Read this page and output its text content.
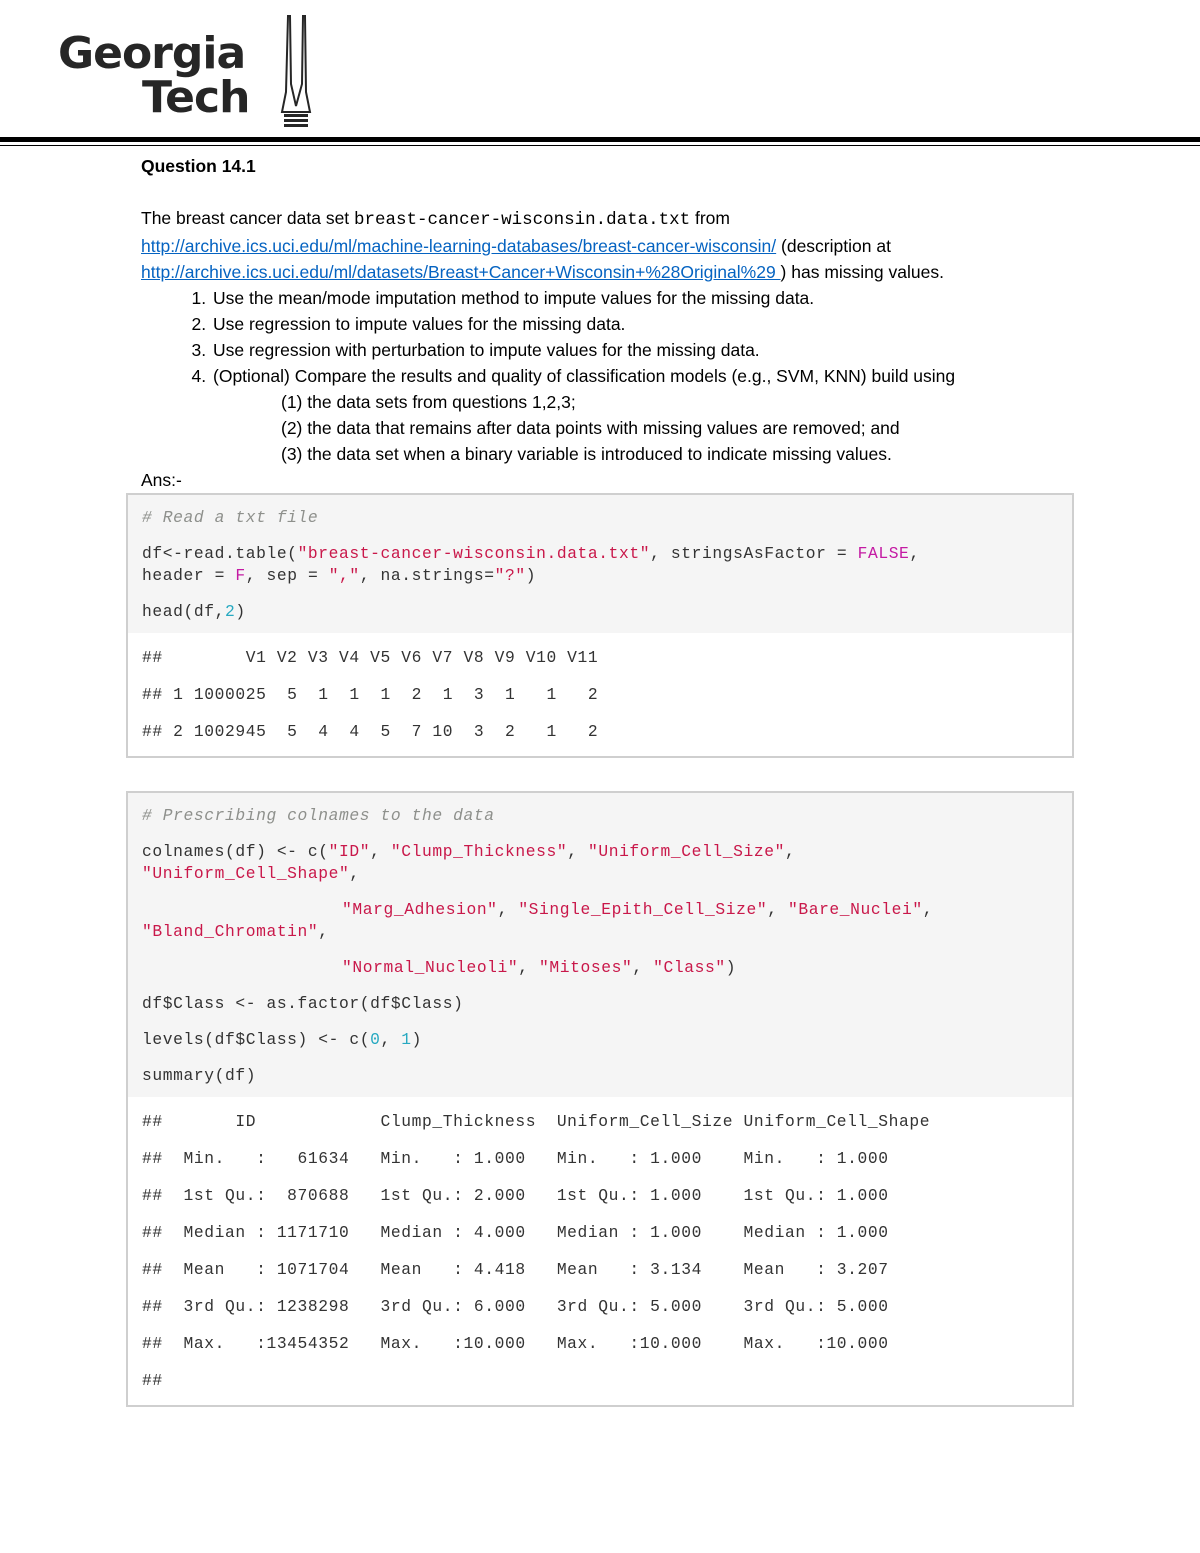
Georgia
Tech

Question 14.1

The breast cancer data set breast-cancer-wisconsin.data.txt from

http://archive.ics.uci.edu/ml/machine-learning-databases/breast-cancer-wisconsin/ (description at
http://archive.ics.uci.edu/ml/datasets/Breast+Cancer+Wisconsin+%28Original%29 ) has missing values.

1. Use the mean/mode imputation method to impute values for the missing data.
2. Use regression to impute values for the missing data.
3. Use regression with perturbation to impute values for the missing data.
4. (Optional) Compare the results and quality of classification models (e.g., SVM, KNN) build using

(1) the data sets from questions 1,2,3;

(2) the data that remains after data points with missing values are removed; and

(3) the data set when a binary variable is introduced to indicate missing values.

Ans:-

# Read a txt file
df<-read.table("breast-cancer-wisconsin.data.txt", stringsAsFactor = FALSE,
header = F, sep = ",", na.strings="?")
head(df,2)
##        V1 V2 V3 V4 V5 V6 V7 V8 V9 V10 V11
## 1 1000025  5  1  1  1  2  1  3  1   1   2
## 2 1002945  5  4  4  5  7 10  3  2   1   2
# Prescribing colnames to the data
colnames(df) <- c("ID", "Clump_Thickness", "Uniform_Cell_Size",
"Uniform_Cell_Shape",
"Marg_Adhesion", "Single_Epith_Cell_Size", "Bare_Nuclei",
"Bland_Chromatin",
"Normal_Nucleoli", "Mitoses", "Class")
df$Class <- as.factor(df$Class)
levels(df$Class) <- c(0, 1)
summary(df)
##       ID            Clump_Thickness  Uniform_Cell_Size Uniform_Cell_Shape
##  Min.   :   61634   Min.   : 1.000   Min.   : 1.000    Min.   : 1.000
##  1st Qu.:  870688   1st Qu.: 2.000   1st Qu.: 1.000    1st Qu.: 1.000
##  Median : 1171710   Median : 4.000   Median : 1.000    Median : 1.000
##  Mean   : 1071704   Mean   : 4.418   Mean   : 3.134    Mean   : 3.207
##  3rd Qu.: 1238298   3rd Qu.: 6.000   3rd Qu.: 5.000    3rd Qu.: 5.000
##  Max.   :13454352   Max.   :10.000   Max.   :10.000    Max.   :10.000
##
